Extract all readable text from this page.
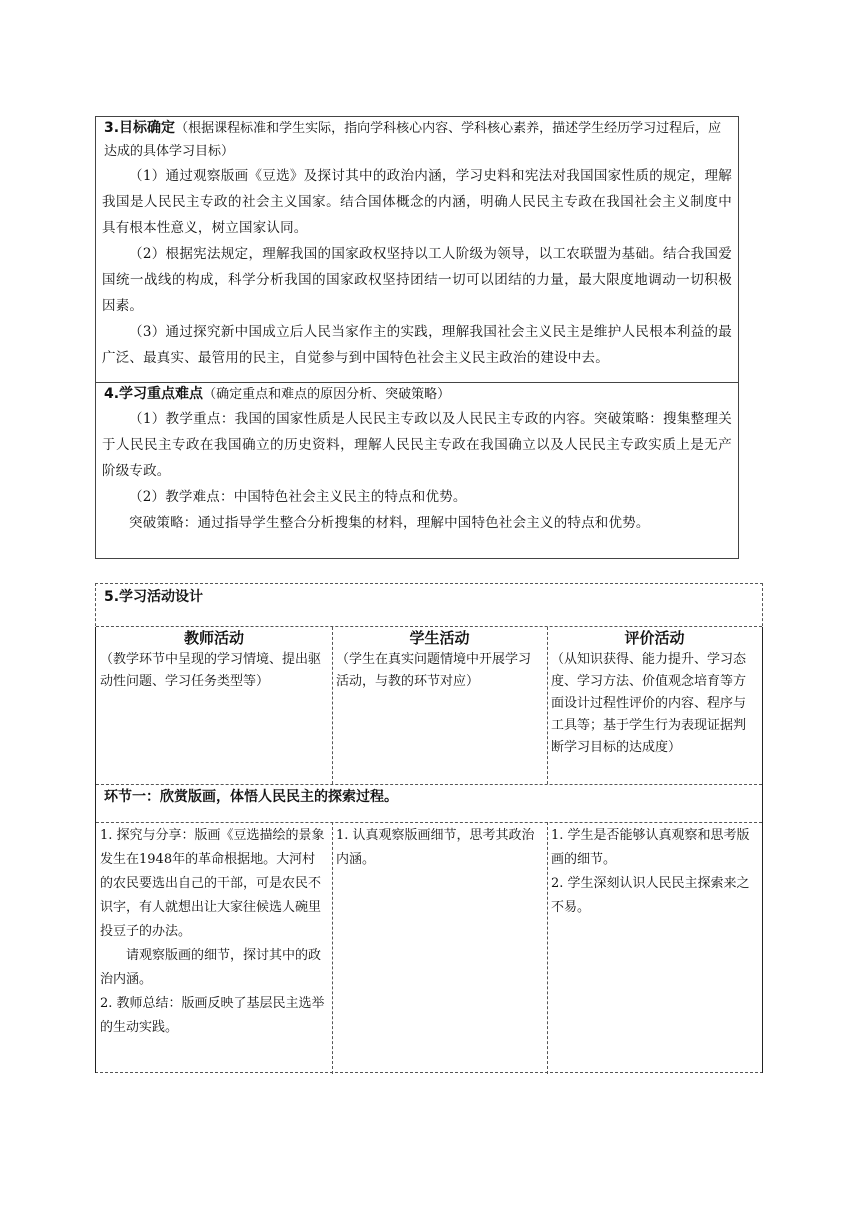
3.目标确定（根据课程标准和学生实际，指向学科核心内容、学科核心素养，描述学生经历学习过程后，应达成的具体学习目标）

（1）通过观察版画《豆选》及探讨其中的政治内涵，学习史料和宪法对我国国家性质的规定，理解我国是人民民主专政的社会主义国家。结合国体概念的内涵，明确人民民主专政在我国社会主义制度中具有根本性意义，树立国家认同。

（2）根据宪法规定，理解我国的国家政权坚持以工人阶级为领导，以工农联盟为基础。结合我国爱国统一战线的构成，科学分析我国的国家政权坚持团结一切可以团结的力量，最大限度地调动一切积极因素。

（3）通过探究新中国成立后人民当家作主的实践，理解我国社会主义民主是维护人民根本利益的最广泛、最真实、最管用的民主，自觉参与到中国特色社会主义民主政治的建设中去。

4.学习重点难点（确定重点和难点的原因分析、突破策略）

（1）教学重点：我国的国家性质是人民民主专政以及人民民主专政的内容。突破策略：搜集整理关于人民民主专政在我国确立的历史资料，理解人民民主专政在我国确立以及人民民主专政实质上是无产阶级专政。

（2）教学难点：中国特色社会主义民主的特点和优势。

突破策略：通过指导学生整合分析搜集的材料，理解中国特色社会主义的特点和优势。

5.学习活动设计
教师活动
（教学环节中呈现的学习情境、提出驱动性问题、学习任务类型等）
学生活动
（学生在真实问题情境中开展学习活动，与教的环节对应）
评价活动
（从知识获得、能力提升、学习态度、学习方法、价值观念培育等方面设计过程性评价的内容、程序与工具等；基于学生行为表现证据判断学习目标的达成度）
环节一：欣赏版画，体悟人民民主的探索过程。

1. 探究与分享：版画《豆选描绘的景象发生在1948年的革命根据地。大河村的农民要选出自己的干部，可是农民不识字，有人就想出让大家往候选人碗里投豆子的办法。

请观察版画的细节，探讨其中的政治内涵。

2. 教师总结：版画反映了基层民主选举的生动实践。

1. 认真观察版画细节，思考其政治内涵。

1. 学生是否能够认真观察和思考版画的细节。

2. 学生深刻认识人民民主探索来之不易。
